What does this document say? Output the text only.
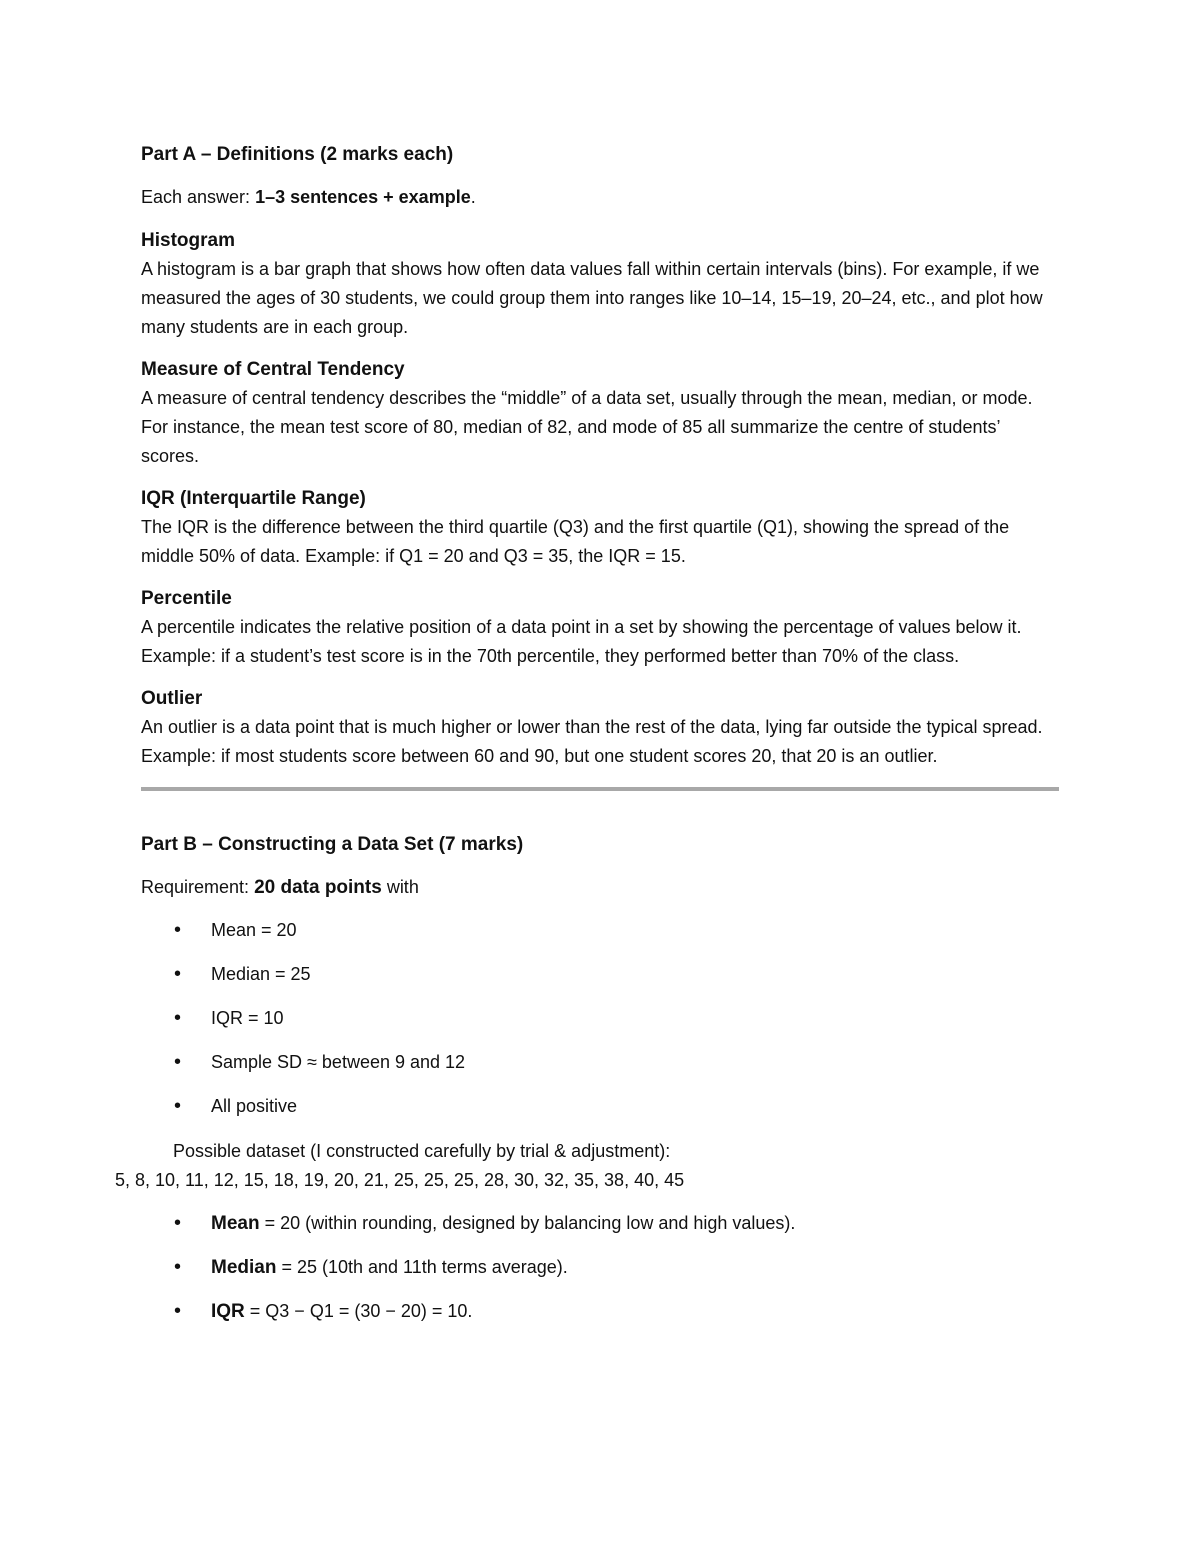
Part A – Definitions (2 marks each)

Each answer: 1–3 sentences + example.

Histogram

A histogram is a bar graph that shows how often data values fall within certain intervals (bins). For example, if we measured the ages of 30 students, we could group them into ranges like 10–14, 15–19, 20–24, etc., and plot how many students are in each group.

Measure of Central Tendency

A measure of central tendency describes the “middle” of a data set, usually through the mean, median, or mode. For instance, the mean test score of 80, median of 82, and mode of 85 all summarize the centre of students’ scores.

IQR (Interquartile Range)

The IQR is the difference between the third quartile (Q3) and the first quartile (Q1), showing the spread of the middle 50% of data. Example: if Q1 = 20 and Q3 = 35, the IQR = 15.

Percentile

A percentile indicates the relative position of a data point in a set by showing the percentage of values below it. Example: if a student’s test score is in the 70th percentile, they performed better than 70% of the class.

Outlier

An outlier is a data point that is much higher or lower than the rest of the data, lying far outside the typical spread. Example: if most students score between 60 and 90, but one student scores 20, that 20 is an outlier.

Part B – Constructing a Data Set (7 marks)

Requirement: 20 data points with

• Mean = 20
• Median = 25
• IQR = 10
• Sample SD ≈ between 9 and 12
• All positive

Possible dataset (I constructed carefully by trial & adjustment):

5, 8, 10, 11, 12, 15, 18, 19, 20, 21, 25, 25, 25, 28, 30, 32, 35, 38, 40, 45

• Mean = 20 (within rounding, designed by balancing low and high values).
• Median = 25 (10th and 11th terms average).
• IQR = Q3 − Q1 = (30 − 20) = 10.
